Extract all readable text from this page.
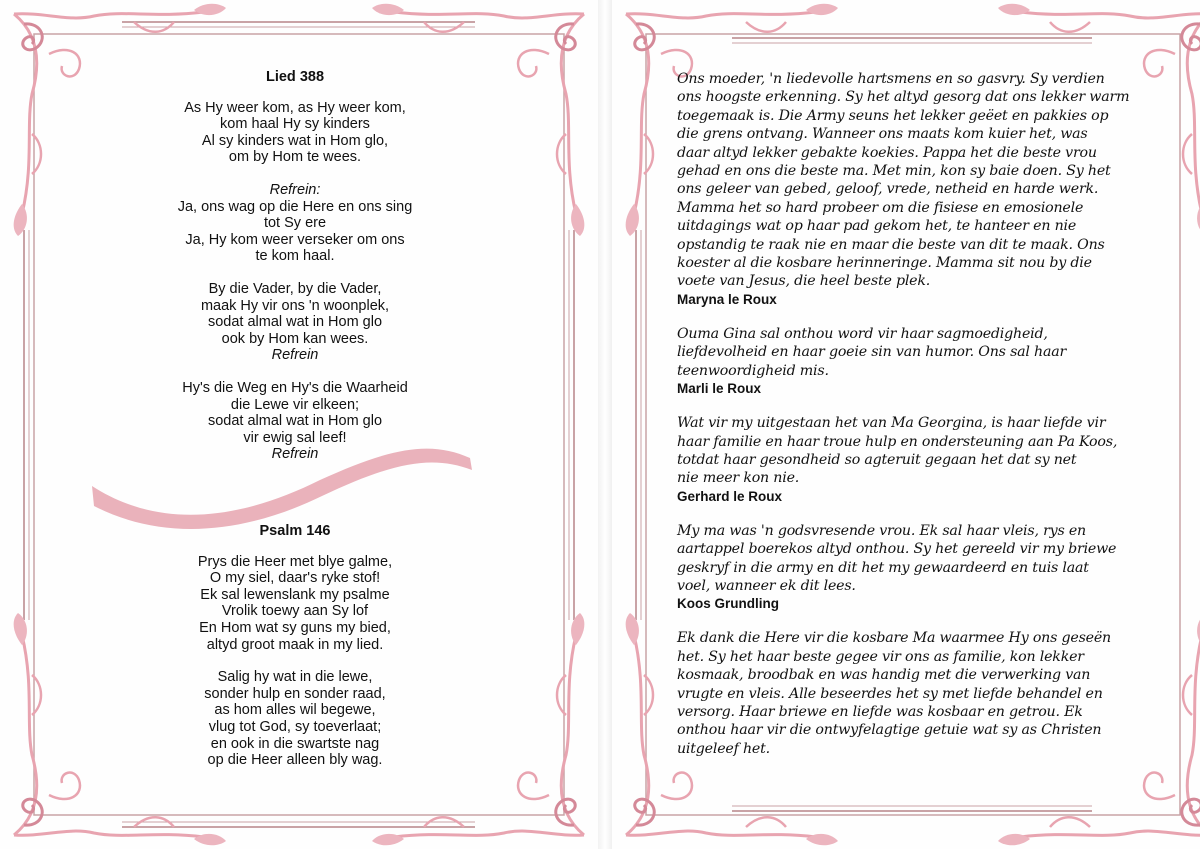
Lied 388

As Hy weer kom, as Hy weer kom,

kom haal Hy sy kinders

Al sy kinders wat in Hom glo,

om by Hom te wees.

Refrein:

Ja, ons wag op die Here en ons sing

tot Sy ere

Ja, Hy kom weer verseker om ons

te kom haal.

By die Vader, by die Vader,

maak Hy vir ons 'n woonplek,

sodat almal wat in Hom glo

ook by Hom kan wees.

Refrein

Hy's die Weg en Hy's die Waarheid

die Lewe vir elkeen;

sodat almal wat in Hom glo

vir ewig sal leef!

Refrein

Psalm 146

Prys die Heer met blye galme,

O my siel, daar's ryke stof!

Ek sal lewenslank my psalme

Vrolik toewy aan Sy lof

En Hom wat sy guns my bied,

altyd groot maak in my lied.

Salig hy wat in die lewe,

sonder hulp en sonder raad,

as hom alles wil begewe,

vlug tot God, sy toeverlaat;

en ook in die swartste nag

op die Heer alleen bly wag.

Ons moeder, 'n liedevolle hartsmens en so gasvry. Sy verdien
ons hoogste erkenning. Sy het altyd gesorg dat ons lekker warm
toegemaak is. Die Army seuns het lekker geëet en pakkies op
die grens ontvang. Wanneer ons maats kom kuier het, was
daar altyd lekker gebakte koekies. Pappa het die beste vrou
gehad en ons die beste ma. Met min, kon sy baie doen. Sy het
ons geleer van gebed, geloof, vrede, netheid en harde werk.
Mamma het so hard probeer om die fisiese en emosionele
uitdagings wat op haar pad gekom het, te hanteer en nie
opstandig te raak nie en maar die beste van dit te maak. Ons
koester al die kosbare herinneringe. Mamma sit nou by die
voete van Jesus, die heel beste plek.

Maryna le Roux

Ouma Gina sal onthou word vir haar sagmoedigheid,
liefdevolheid en haar goeie sin van humor. Ons sal haar
teenwoordigheid mis.

Marli le Roux

Wat vir my uitgestaan het van Ma Georgina, is haar liefde vir
haar familie en haar troue hulp en ondersteuning aan Pa Koos,
totdat haar gesondheid so agteruit gegaan het dat sy net
nie meer kon nie.

Gerhard le Roux

My ma was 'n godsvresende vrou. Ek sal haar vleis, rys en
aartappel boerekos altyd onthou. Sy het gereeld vir my briewe
geskryf in die army en dit het my gewaardeerd en tuis laat
voel, wanneer ek dit lees.

Koos Grundling

Ek dank die Here vir die kosbare Ma waarmee Hy ons geseën
het. Sy het haar beste gegee vir ons as familie, kon lekker
kosmaak, broodbak en was handig met die verwerking van
vrugte en vleis. Alle beseerdes het sy met liefde behandel en
versorg. Haar briewe en liefde was kosbaar en getrou. Ek
onthou haar vir die ontwyfelagtige getuie wat sy as Christen
uitgeleef het.
